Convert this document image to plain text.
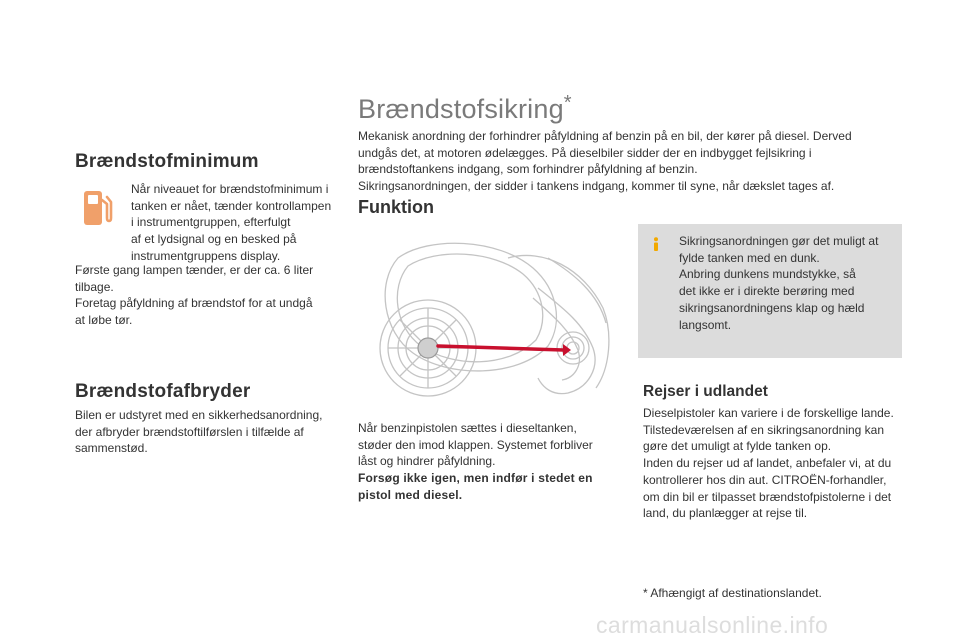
Brændstofminimum

Når niveauet for brændstofminimum i

tanken er nået, tænder kontrollampen

i instrumentgruppen, efterfulgt

af et lydsignal og en besked på

instrumentgruppens display.

Første gang lampen tænder, er der ca. 6 liter

tilbage.

Foretag påfyldning af brændstof for at undgå

at løbe tør.

Brændstofafbryder

Bilen er udstyret med en sikkerhedsanordning,

der afbryder brændstoftilførslen i tilfælde af

sammenstød.

Brændstofsikring*

Mekanisk anordning der forhindrer påfyldning af benzin på en bil, der kører på diesel. Derved

undgås det, at motoren ødelægges. På dieselbiler sidder der en indbygget fejlsikring i

brændstoftankens indgang, som forhindrer påfyldning af benzin.

Sikringsanordningen, der sidder i tankens indgang, kommer til syne, når dækslet tages af.

Funktion

Når benzinpistolen sættes i dieseltanken,

støder den imod klappen. Systemet forbliver

låst og hindrer påfyldning.

Forsøg ikke igen, men indfør i stedet en

pistol med diesel.

Sikringsanordningen gør det muligt at

fylde tanken med en dunk.

Anbring dunkens mundstykke, så

det ikke er i direkte berøring med

sikringsanordningens klap og hæld

langsomt.

Rejser i udlandet

Dieselpistoler kan variere i de forskellige lande.

Tilstedeværelsen af en sikringsanordning kan

gøre det umuligt at fylde tanken op.

Inden du rejser ud af landet, anbefaler vi, at du

kontrollerer hos din aut. CITROËN-forhandler,

om din bil er tilpasset brændstofpistolerne i det

land, du planlægger at rejse til.

* Afhængigt af destinationslandet.
carmanualsonline.info
